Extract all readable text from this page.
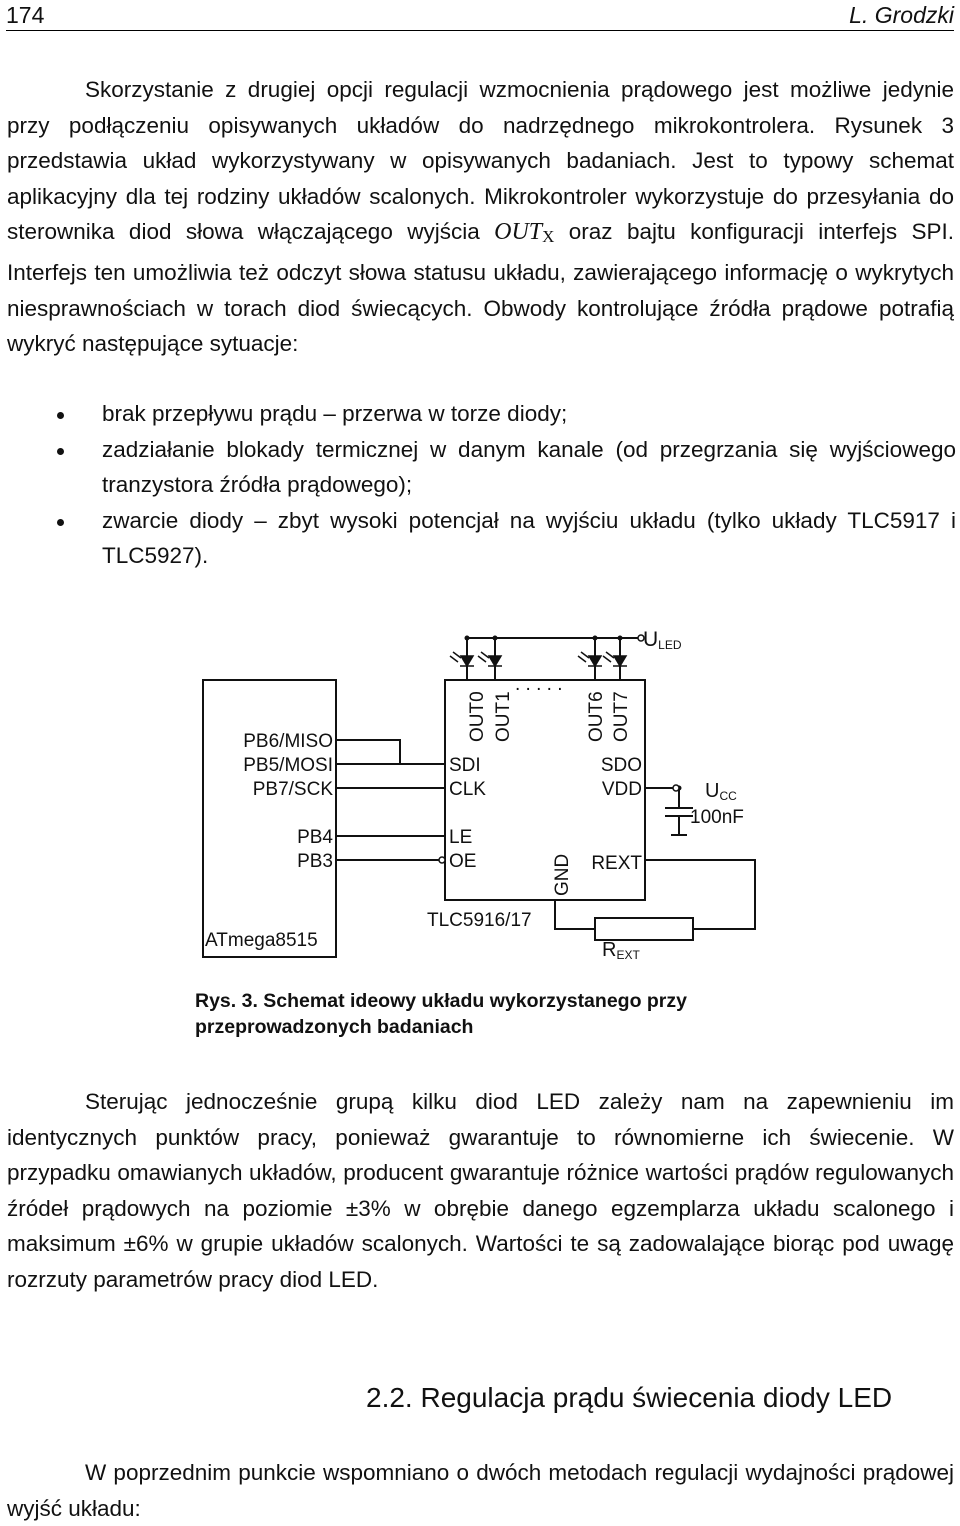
174	L. Grodzki

Skorzystanie z drugiej opcji regulacji wzmocnienia prądowego jest możliwe jedynie przy podłączeniu opisywanych układów do nadrzędnego mikrokontrolera. Rysunek 3 przedstawia układ wykorzystywany w opisywanych badaniach. Jest to typowy schemat aplikacyjny dla tej rodziny układów scalonych. Mikrokontroler wykorzystuje do przesyłania do sterownika diod słowa włączającego wyjścia $OUT_X$ oraz bajtu konfiguracji interfejs SPI. Interfejs ten umożliwia też odczyt słowa statusu układu, zawierającego informację o wykrytych niesprawnościach w torach diod świecących. Obwody kontrolujące źródła prądowe potrafią wykryć następujące sytuacje:

brak przepływu prądu – przerwa w torze diody;
zadziałanie blokady termicznej w danym kanale (od przegrzania się wyjściowego tranzystora źródła prądowego);
zwarcie diody – zbyt wysoki potencjał na wyjściu układu (tylko układy TLC5917 i TLC5927).
ULED
UCC
100nF
REXT
PB6/MISO
PB5/MOSI
PB7/SCK
PB4
PB3
ATmega8515
SDI
CLK
LE
OE
SDO
VDD
REXT
OUT0 OUT1	OUT6 OUT7
GND
. . . . .
TLC5916/17
Rys. 3. Schemat ideowy układu wykorzystanego przy przeprowadzonych badaniach

Sterując jednocześnie grupą kilku diod LED zależy nam na zapewnieniu im identycznych punktów pracy, ponieważ gwarantuje to równomierne ich świecenie. W przypadku omawianych układów, producent gwarantuje różnice wartości prądów regulowanych źródeł prądowych na poziomie ±3% w obrębie danego egzemplarza układu scalonego i maksimum ±6% w grupie układów scalonych. Wartości te są zadowalające biorąc pod uwagę rozrzuty parametrów pracy diod LED.

2.2. Regulacja prądu świecenia diody LED

W poprzednim punkcie wspomniano o dwóch metodach regulacji wydajności prądowej wyjść układu:
